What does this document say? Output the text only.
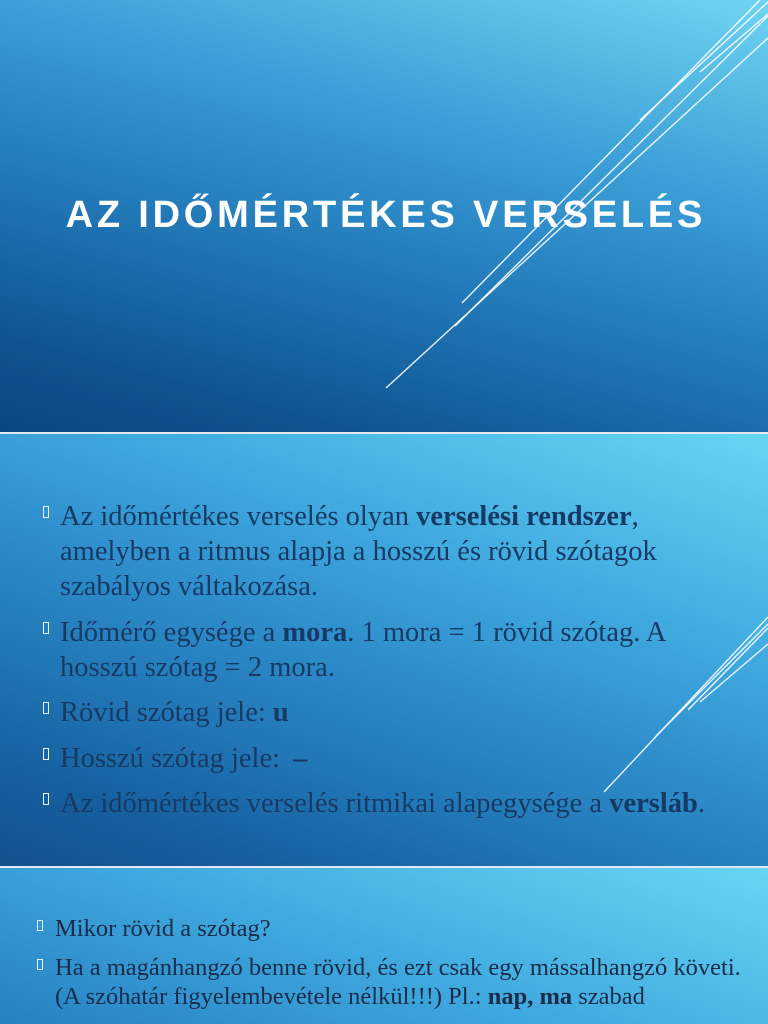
AZ IDŐMÉRTÉKES VERSELÉS
Az időmértékes verselés olyan verselési rendszer, amelyben a ritmus alapja a hosszú és rövid szótagok szabályos váltakozása.
Időmérő egysége a mora. 1 mora = 1 rövid szótag. A hosszú szótag = 2 mora.
Rövid szótag jele: u
Hosszú szótag jele: –
Az időmértékes verselés ritmikai alapegysége a versláb.
Mikor rövid a szótag?
Ha a magánhangzó benne rövid, és ezt csak egy mássalhangzó követi. (A szóhatár figyelembevétele nélkül!!!) Pl.: nap, ma szabad
